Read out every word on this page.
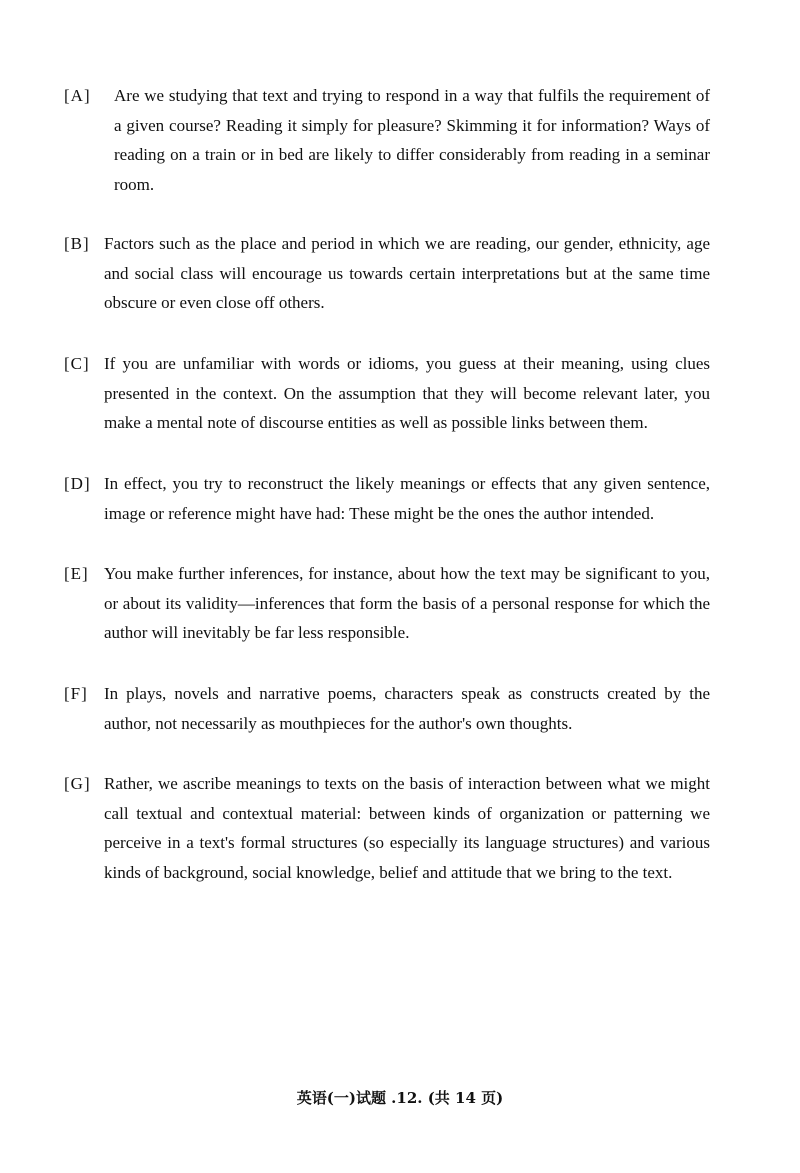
[A]	Are we studying that text and trying to respond in a way that fulfils the requirement of a given course? Reading it simply for pleasure? Skimming it for information? Ways of reading on a train or in bed are likely to differ considerably from reading in a seminar room.
[B] Factors such as the place and period in which we are reading, our gender, ethnicity, age and social class will encourage us towards certain interpretations but at the same time obscure or even close off others.
[C] If you are unfamiliar with words or idioms, you guess at their meaning, using clues presented in the context. On the assumption that they will become relevant later, you make a mental note of discourse entities as well as possible links between them.
[D] In effect, you try to reconstruct the likely meanings or effects that any given sentence, image or reference might have had: These might be the ones the author intended.
[E] You make further inferences, for instance, about how the text may be significant to you, or about its validity—inferences that form the basis of a personal response for which the author will inevitably be far less responsible.
[F] In plays, novels and narrative poems, characters speak as constructs created by the author, not necessarily as mouthpieces for the author's own thoughts.
[G] Rather, we ascribe meanings to texts on the basis of interaction between what we might call textual and contextual material: between kinds of organization or patterning we perceive in a text's formal structures (so especially its language structures) and various kinds of background, social knowledge, belief and attitude that we bring to the text.
英语(一)试题 .12. (共 14 页)
